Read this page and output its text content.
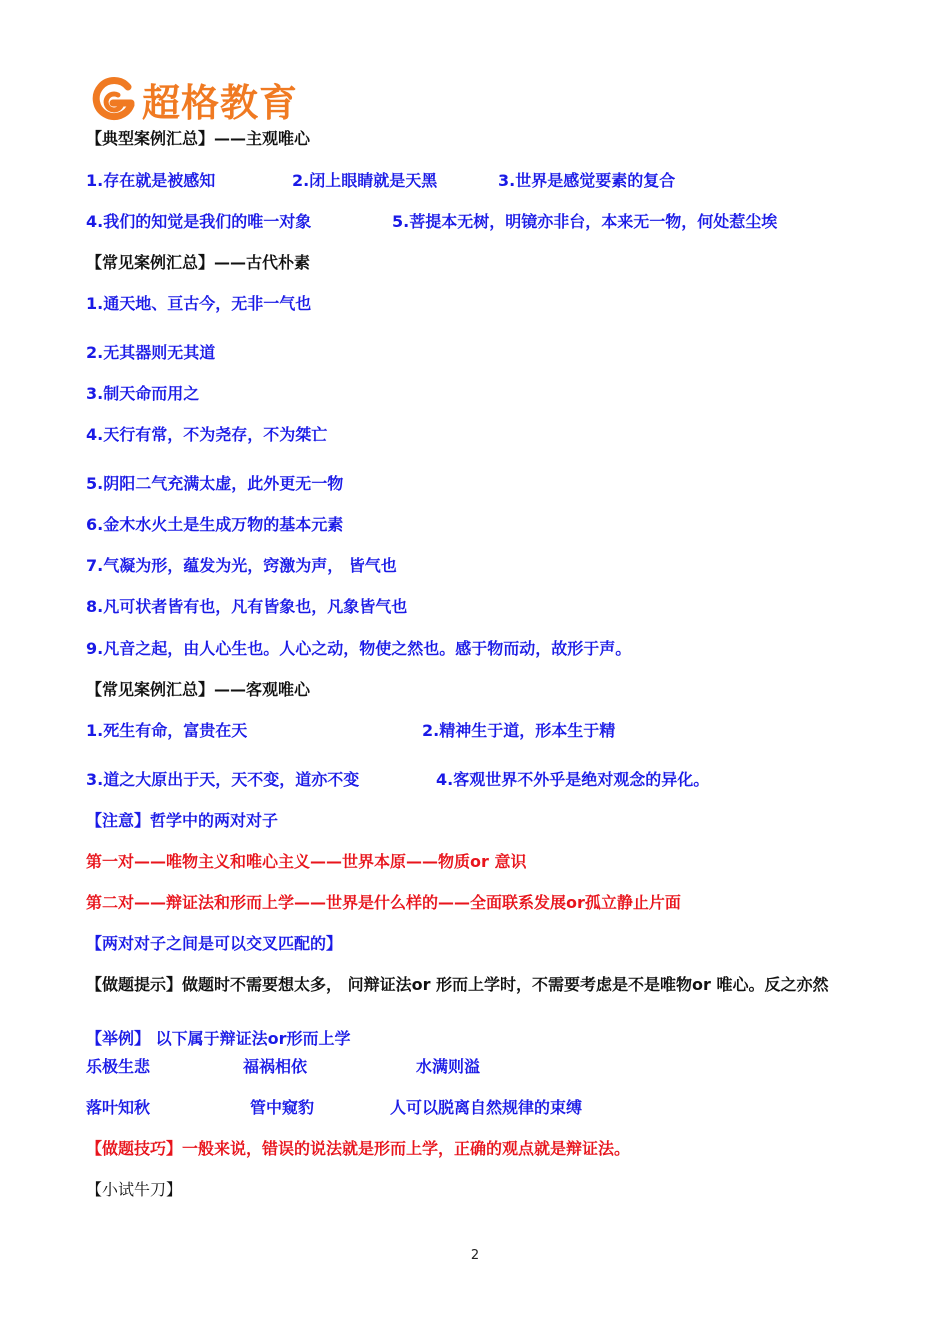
超格教育
【典型案例汇总】——主观唯心
1.存在就是被感知	2.闭上眼睛就是天黑	3.世界是感觉要素的复合
4.我们的知觉是我们的唯一对象	5.菩提本无树，明镜亦非台，本来无一物，何处惹尘埃
【常见案例汇总】——古代朴素
1.通天地、亘古今，无非一气也
2.无其器则无其道
3.制天命而用之
4.天行有常，不为尧存，不为桀亡
5.阴阳二气充满太虚，此外更无一物
6.金木水火土是生成万物的基本元素
7.气凝为形，蕴发为光，窍激为声， 皆气也
8.凡可状者皆有也，凡有皆象也，凡象皆气也
9.凡音之起，由人心生也。人心之动，物使之然也。感于物而动，故形于声。
【常见案例汇总】——客观唯心
1.死生有命，富贵在天	2.精神生于道，形本生于精
3.道之大原出于天，天不变，道亦不变	4.客观世界不外乎是绝对观念的异化。
【注意】哲学中的两对对子
第一对——唯物主义和唯心主义——世界本原——物质or 意识
第二对——辩证法和形而上学——世界是什么样的——全面联系发展or孤立静止片面
【两对对子之间是可以交叉匹配的】
【做题提示】做题时不需要想太多， 问辩证法or 形而上学时，不需要考虑是不是唯物or 唯心。反之亦然
【举例】 以下属于辩证法or形而上学
乐极生悲	福祸相依	水满则溢
落叶知秋	管中窥豹	人可以脱离自然规律的束缚
【做题技巧】一般来说，错误的说法就是形而上学，正确的观点就是辩证法。
【小试牛刀】
2
